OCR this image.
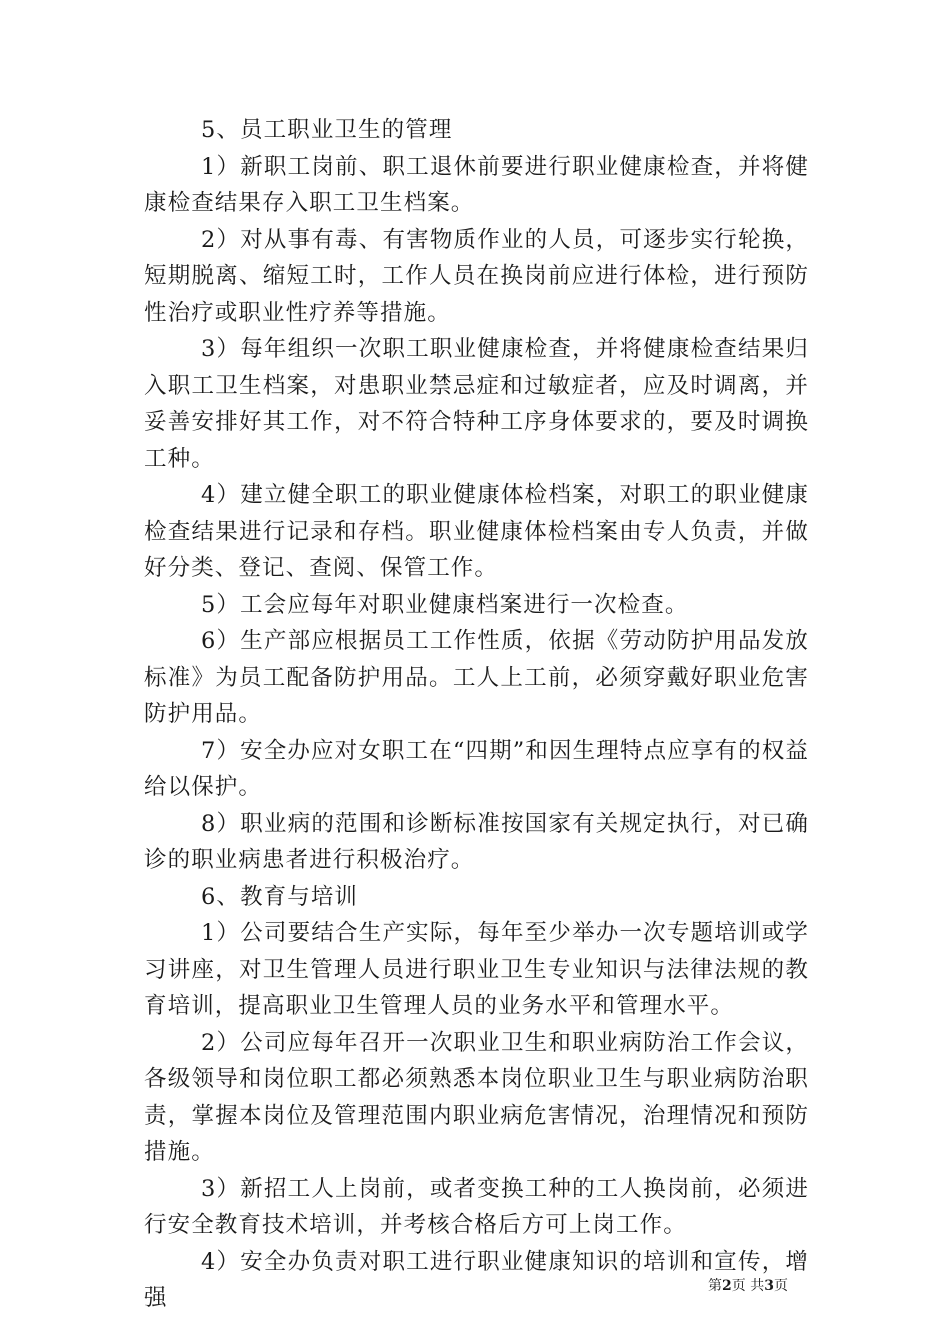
5、员工职业卫生的管理

1）新职工岗前、职工退休前要进行职业健康检查，并将健康检查结果存入职工卫生档案。

2）对从事有毒、有害物质作业的人员，可逐步实行轮换，短期脱离、缩短工时，工作人员在换岗前应进行体检，进行预防性治疗或职业性疗养等措施。

3）每年组织一次职工职业健康检查，并将健康检查结果归入职工卫生档案，对患职业禁忌症和过敏症者，应及时调离，并妥善安排好其工作，对不符合特种工序身体要求的，要及时调换工种。

4）建立健全职工的职业健康体检档案，对职工的职业健康检查结果进行记录和存档。职业健康体检档案由专人负责，并做好分类、登记、查阅、保管工作。

5）工会应每年对职业健康档案进行一次检查。

6）生产部应根据员工工作性质，依据《劳动防护用品发放标准》为员工配备防护用品。工人上工前，必须穿戴好职业危害防护用品。

7）安全办应对女职工在“四期”和因生理特点应享有的权益给以保护。

8）职业病的范围和诊断标准按国家有关规定执行，对已确诊的职业病患者进行积极治疗。

6、教育与培训

1）公司要结合生产实际，每年至少举办一次专题培训或学习讲座，对卫生管理人员进行职业卫生专业知识与法律法规的教育培训，提高职业卫生管理人员的业务水平和管理水平。

2）公司应每年召开一次职业卫生和职业病防治工作会议，各级领导和岗位职工都必须熟悉本岗位职业卫生与职业病防治职责，掌握本岗位及管理范围内职业病危害情况，治理情况和预防措施。

3）新招工人上岗前，或者变换工种的工人换岗前，必须进行安全教育技术培训，并考核合格后方可上岗工作。

4）安全办负责对职工进行职业健康知识的培训和宣传，增强	第2页 共3页
